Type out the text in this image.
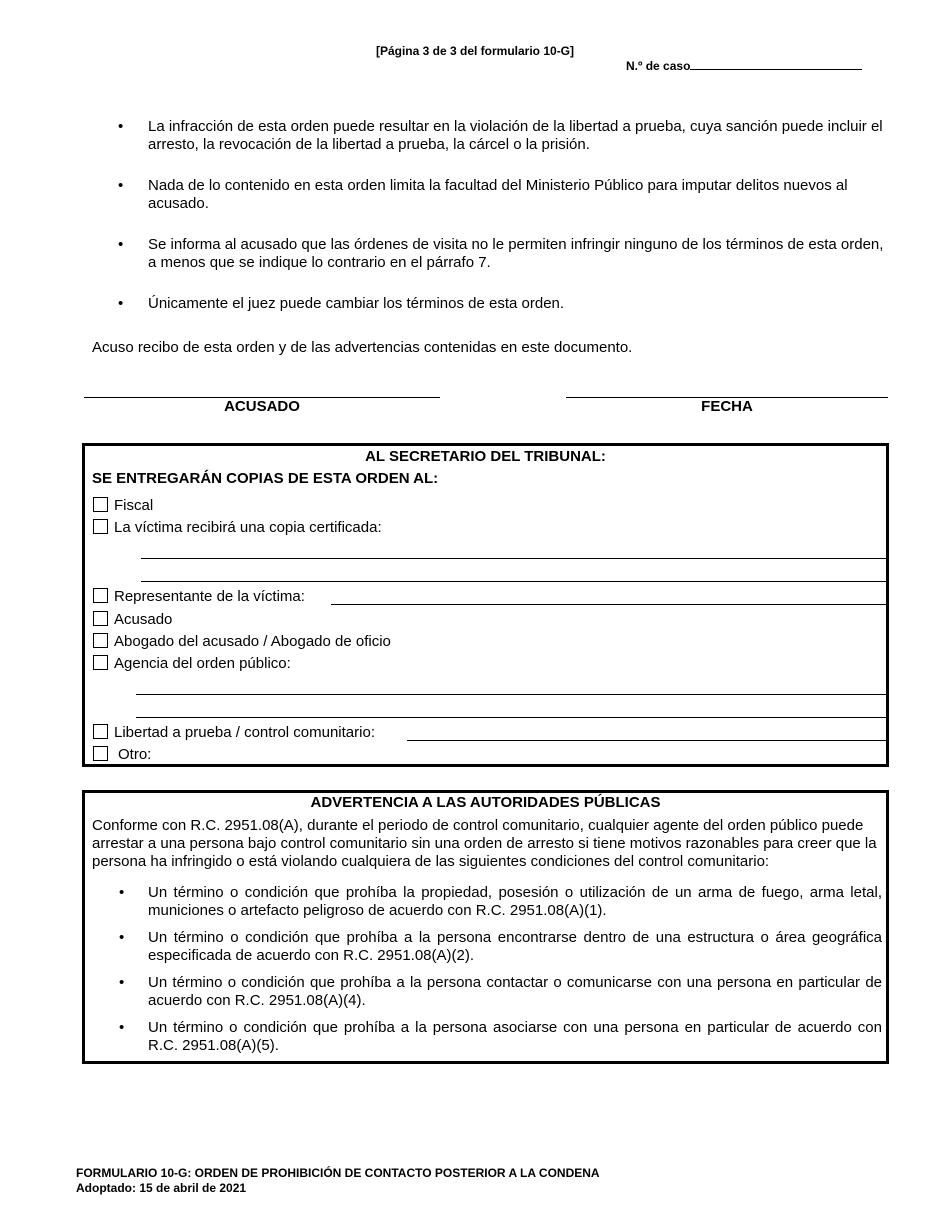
[Página 3 de 3 del formulario 10-G]
N.º de caso
•	La infracción de esta orden puede resultar en la violación de la libertad a prueba, cuya sanción puede incluir el arresto, la revocación de la libertad a prueba, la cárcel o la prisión.
•	Nada de lo contenido en esta orden limita la facultad del Ministerio Público para imputar delitos nuevos al acusado.
•	Se informa al acusado que las órdenes de visita no le permiten infringir ninguno de los términos de esta orden, a menos que se indique lo contrario en el párrafo 7.
•	Únicamente el juez puede cambiar los términos de esta orden.
Acuso recibo de esta orden y de las advertencias contenidas en este documento.
ACUSADO	FECHA
AL SECRETARIO DEL TRIBUNAL:
SE ENTREGARÁN COPIAS DE ESTA ORDEN AL:
Fiscal
La víctima recibirá una copia certificada:
Representante de la víctima:
Acusado
Abogado del acusado / Abogado de oficio
Agencia del orden público:
Libertad a prueba / control comunitario:
Otro:
ADVERTENCIA A LAS AUTORIDADES PÚBLICAS
Conforme con R.C. 2951.08(A), durante el periodo de control comunitario, cualquier agente del orden público puede arrestar a una persona bajo control comunitario sin una orden de arresto si tiene motivos razonables para creer que la persona ha infringido o está violando cualquiera de las siguientes condiciones del control comunitario:
• Un término o condición que prohíba la propiedad, posesión o utilización de un arma de fuego, arma letal, municiones o artefacto peligroso de acuerdo con R.C. 2951.08(A)(1).
• Un término o condición que prohíba a la persona encontrarse dentro de una estructura o área geográfica especificada de acuerdo con R.C. 2951.08(A)(2).
• Un término o condición que prohíba a la persona contactar o comunicarse con una persona en particular de acuerdo con R.C. 2951.08(A)(4).
• Un término o condición que prohíba a la persona asociarse con una persona en particular de acuerdo con R.C. 2951.08(A)(5).
FORMULARIO 10-G: ORDEN DE PROHIBICIÓN DE CONTACTO POSTERIOR A LA CONDENA
Adoptado: 15 de abril de 2021
